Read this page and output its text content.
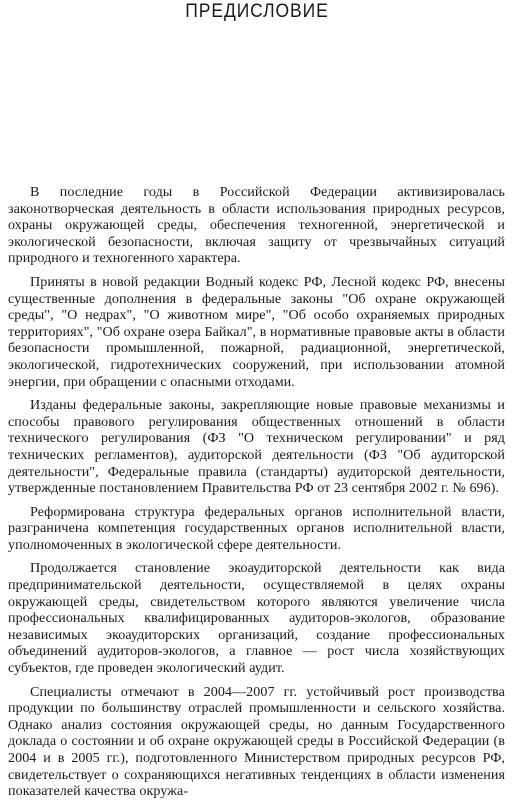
ПРЕДИСЛОВИЕ

В последние годы в Российской Федерации активизировалась законотворческая деятельность в области использования природных ресурсов, охраны окружающей среды, обеспечения техногенной, энергетической и экологической безопасности, включая защиту от чрезвычайных ситуаций природного и техногенного характера.

Приняты в новой редакции Водный кодекс РФ, Лесной кодекс РФ, внесены существенные дополнения в федеральные законы "Об охране окружающей среды", "О недрах", "О животном мире", "Об особо охраняемых природных территориях", "Об охране озера Байкал", в нормативные правовые акты в области безопасности промышленной, пожарной, радиационной, энергетической, экологической, гидротехнических сооружений, при использовании атомной энергии, при обращении с опасными отходами.

Изданы федеральные законы, закрепляющие новые правовые механизмы и способы правового регулирования общественных отношений в области технического регулирования (ФЗ "О техническом регулировании" и ряд технических регламентов), аудиторской деятельности (ФЗ "Об аудиторской деятельности", Федеральные правила (стандарты) аудиторской деятельности, утвержденные постановлением Правительства РФ от 23 сентября 2002 г. № 696).

Реформирована структура федеральных органов исполнительной власти, разграничена компетенция государственных органов исполнительной власти, уполномоченных в экологической сфере деятельности.

Продолжается становление экоаудиторской деятельности как вида предпринимательской деятельности, осуществляемой в целях охраны окружающей среды, свидетельством которого являются увеличение числа профессиональных квалифицированных аудиторов-экологов, образование независимых экоаудиторских организаций, создание профессиональных объединений аудиторов-экологов, а главное — рост числа хозяйствующих субъектов, где проведен экологический аудит.

Специалисты отмечают в 2004—2007 гг. устойчивый рост производства продукции по большинству отраслей промышленности и сельского хозяйства. Однако анализ состояния окружающей среды, но данным Государственного доклада о состоянии и об охране окружающей среды в Российской Федерации (в 2004 и в 2005 гг.), подготовленного Министерством природных ресурсов РФ, свидетельствует о сохраняющихся негативных тенденциях в области изменения показателей качества окружа-
